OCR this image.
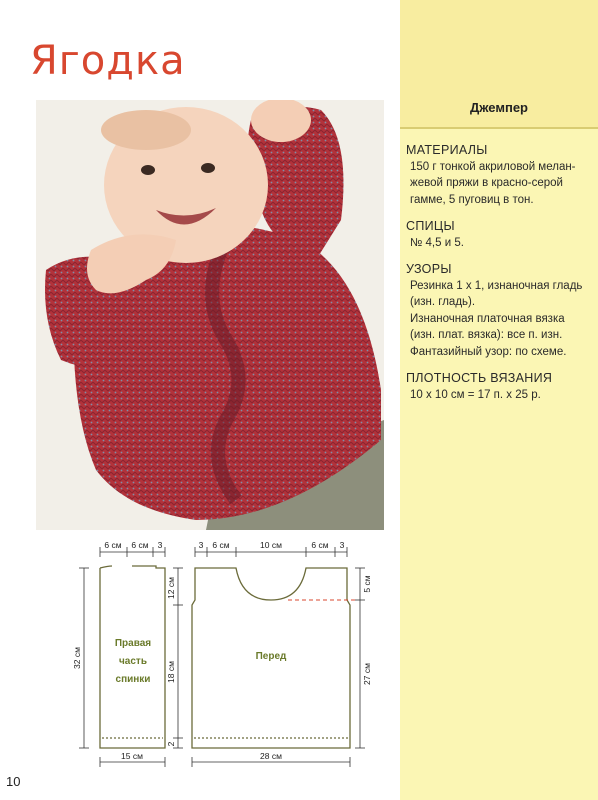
Ягодка
Джемпер
МАТЕРИАЛЫ
150 г тонкой акриловой мелан-
жевой пряжи в красно-серой
гамме, 5 пуговиц в тон.
СПИЦЫ
№ 4,5 и 5.
УЗОРЫ
Резинка 1 х 1, изнаночная гладь
(изн. гладь).
Изнаночная платочная вязка
(изн. плат. вязка): все п. изн.
Фантазийный узор: по схеме.
ПЛОТНОСТЬ ВЯЗАНИЯ
10 х 10 см = 17 п. х 25 р.
6 см 6 см 3	3 6 см	10 см	6 см 3
32 см
12 см
18 см
2
5 см
27 см
15 см	28 см
Правая
часть
спинки
Перед
10
